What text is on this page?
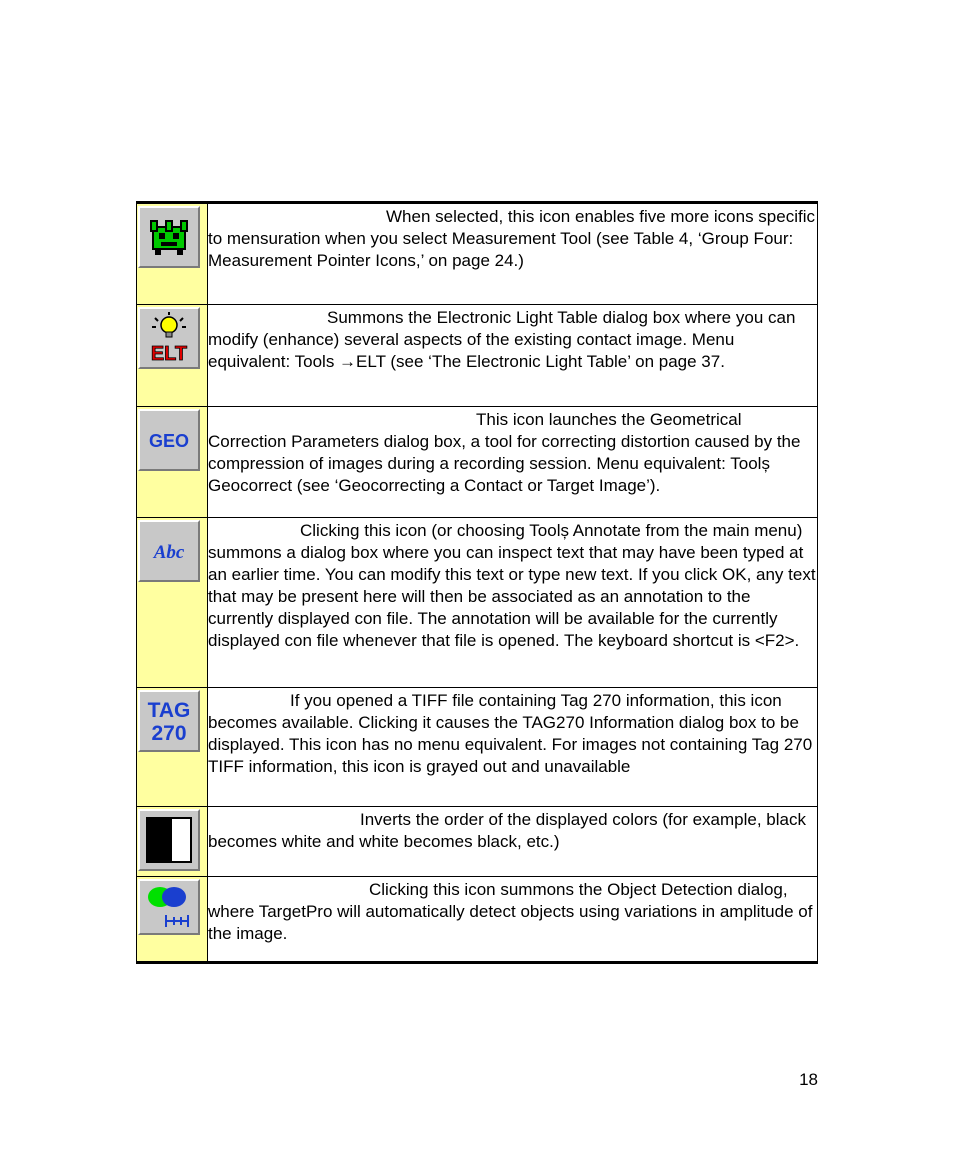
When selected, this icon enables five more icons specific to mensuration when you select Measurement Tool (see Table 4, ‘Group Four: Measurement Pointer Icons,’ on page 24.)

ELT	Summons the Electronic Light Table dialog box where you can modify (enhance) several aspects of the existing contact image. Menu equivalent: Tools →ELT (see ‘The Electronic Light Table’ on page 37.

GEO	This icon launches the Geometrical Correction Parameters dialog box, a tool for correcting distortion caused by the compression of images during a recording session. Menu equivalent: Toolș Geocorrect (see ‘Geocorrecting a Contact or Target Image’).

Abc	Clicking this icon (or choosing Toolș Annotate from the main menu) summons a dialog box where you can inspect text that may have been typed at an earlier time. You can modify this text or type new text. If you click OK, any text that may be present here will then be associated as an annotation to the currently displayed con file. The annotation will be available for the currently displayed con file whenever that file is opened. The keyboard shortcut is <F2>.

TAG
270	If you opened a TIFF file containing Tag 270 information, this icon becomes available. Clicking it causes the TAG270 Information dialog box to be displayed. This icon has no menu equivalent. For images not containing Tag 270 TIFF information, this icon is grayed out and unavailable

Inverts the order of the displayed colors (for example, black becomes white and white becomes black, etc.)

Clicking this icon summons the Object Detection dialog, where TargetPro will automatically detect objects using variations in amplitude of the image.

18
